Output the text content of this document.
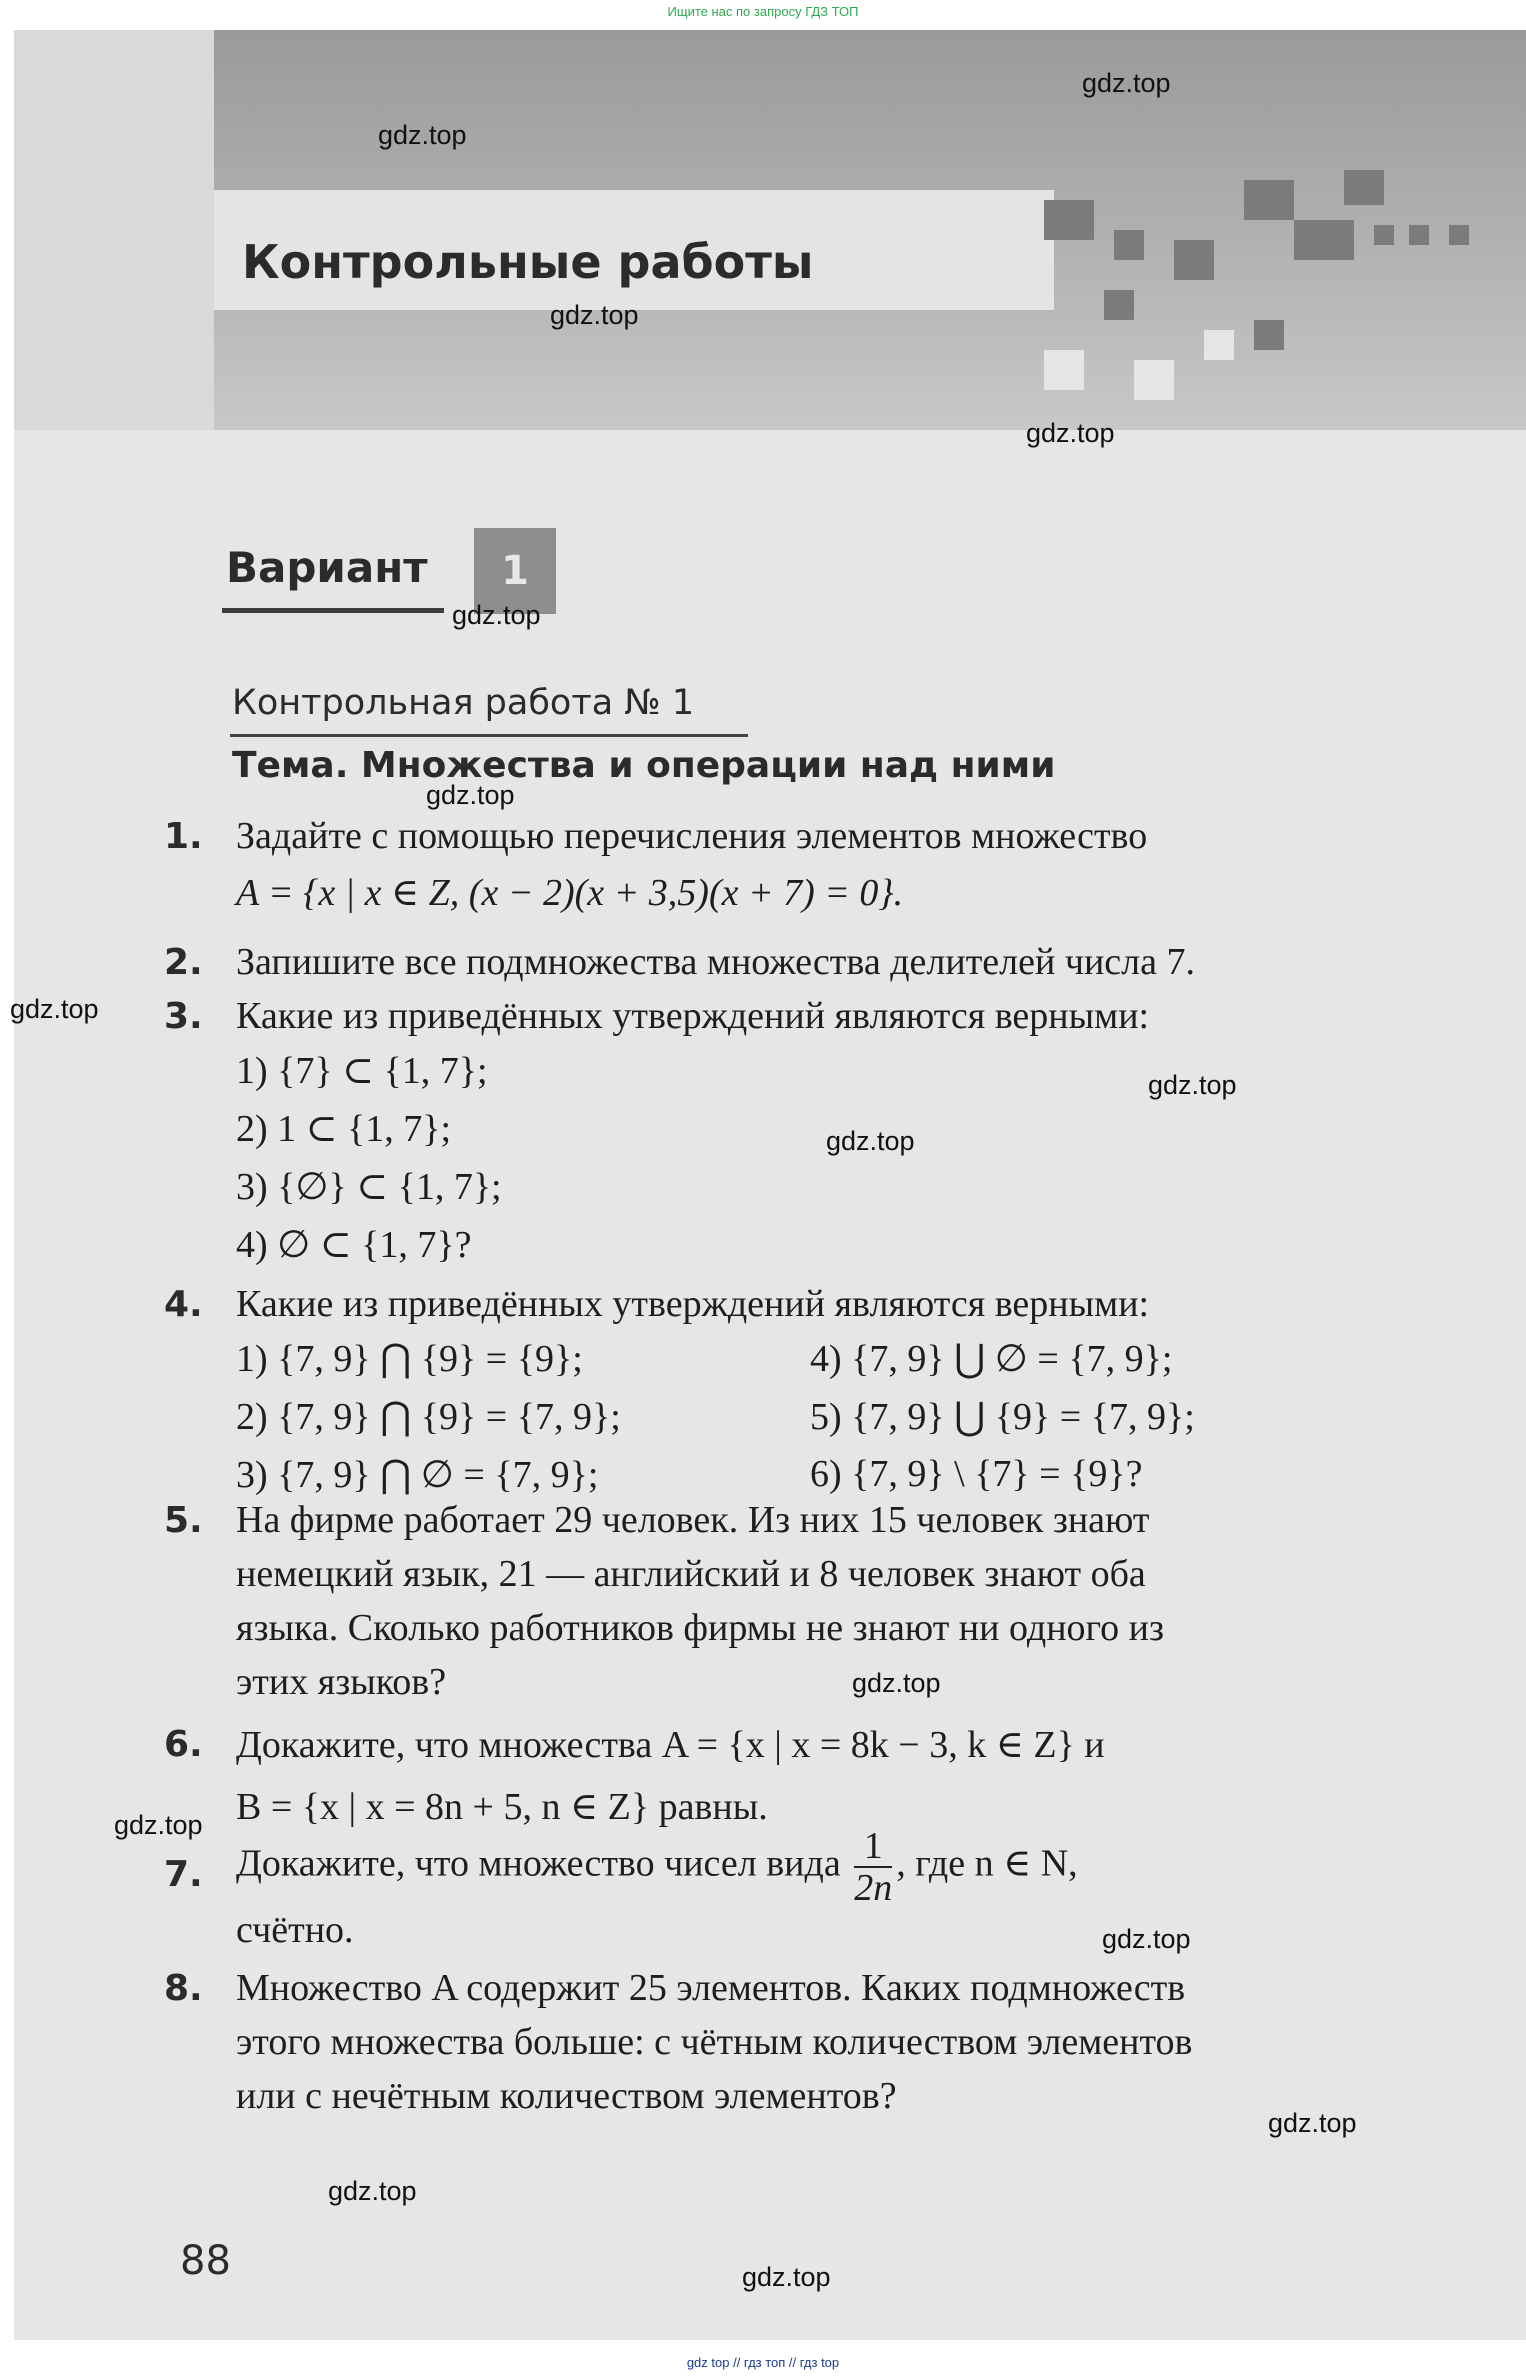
Ищите нас по запросу ГДЗ ТОП
Контрольные работы
Вариант	1
Контрольная работа № 1
Тема. Множества и операции над ними
1.
2.
3.
4.
5.
6.
7.
8.
Задайте с помощью перечисления элементов множество
A = {x | x ∈ Z, (x − 2)(x + 3,5)(x + 7) = 0}.
Запишите все подмножества множества делителей числа 7.
Какие из приведённых утверждений являются верными:
1) {7} ⊂ {1, 7};
2) 1 ⊂ {1, 7};
3) {∅} ⊂ {1, 7};
4) ∅ ⊂ {1, 7}?
Какие из приведённых утверждений являются верными:
1) {7, 9} ⋂ {9} = {9};
2) {7, 9} ⋂ {9} = {7, 9};
3) {7, 9} ⋂ ∅ = {7, 9};
4) {7, 9} ⋃ ∅ = {7, 9};
5) {7, 9} ⋃ {9} = {7, 9};
6) {7, 9} \ {7} = {9}?
На фирме работает 29 человек. Из них 15 человек знают
немецкий язык, 21 — английский и 8 человек знают оба
языка. Сколько работников фирмы не знают ни одного из
этих языков?
Докажите, что множества A = {x | x = 8k − 3, k ∈ Z} и
B = {x | x = 8n + 5, n ∈ Z} равны.
Докажите, что множество чисел вида $\frac{1}{2n}$ , где n ∈ N,
счётно.
Множество A содержит 25 элементов. Каких подмножеств
этого множества больше: с чётным количеством элементов
или с нечётным количеством элементов?
88
gdz.top
gdz.top
gdz.top
gdz.top
gdz.top
gdz.top
gdz.top
gdz.top
gdz.top
gdz.top
gdz.top
gdz.top
gdz.top
gdz.top
gdz.top
gdz top // гдз топ // гдз top
